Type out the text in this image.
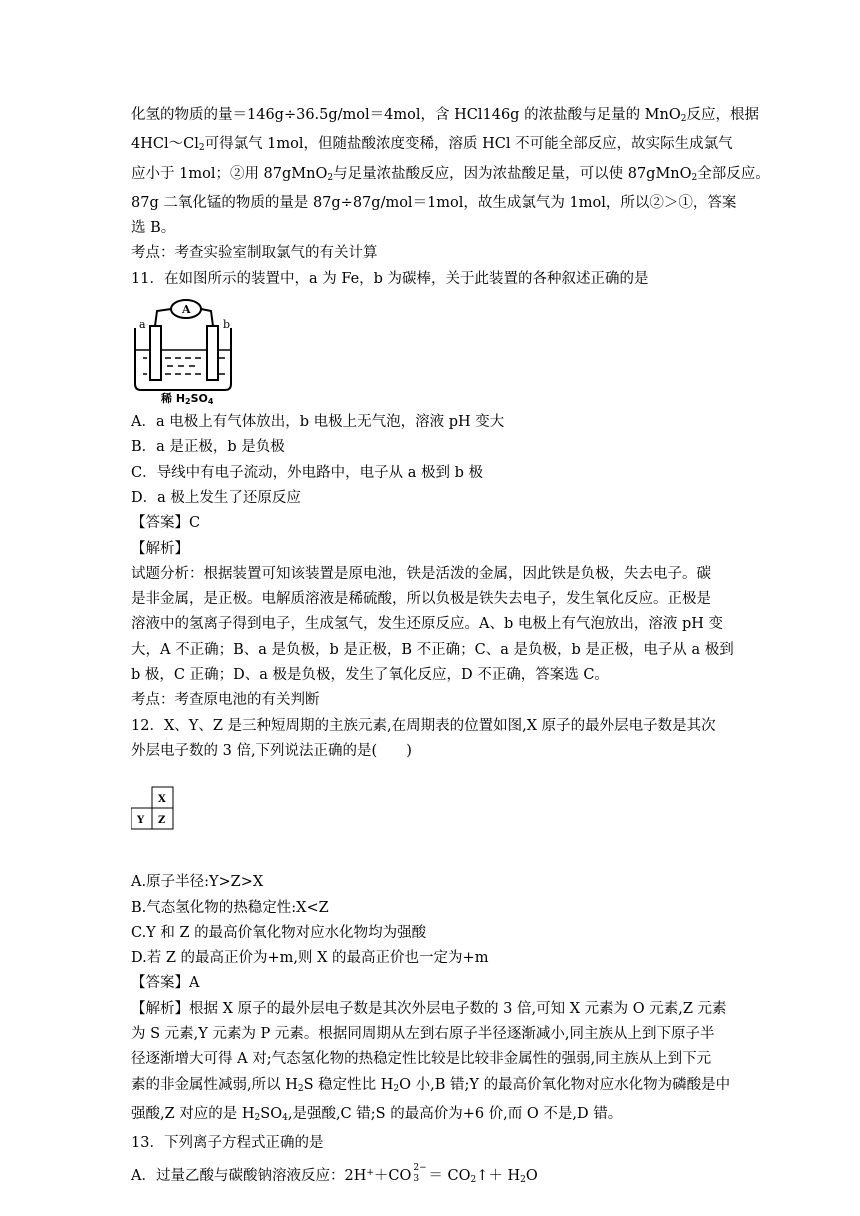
化氢的物质的量＝146g÷36.5g/mol＝4mol，含 HCl146g 的浓盐酸与足量的 MnO$_2$反应，根据
$4HCl\sim Cl_2$可得氯气 1mol，但随盐酸浓度变稀，溶质 HCl 不可能全部反应，故实际生成氯气
应小于 1mol；②用 87gMnO$_2$与足量浓盐酸反应，因为浓盐酸足量，可以使 87gMnO$_2$全部反应。
87g 二氧化锰的物质的量是 87g÷87g/mol＝1mol，故生成氯气为 1mol，所以②＞①，答案
选 B。
考点：考查实验室制取氯气的有关计算
11．在如图所示的装置中，a 为 Fe，b 为碳棒，关于此装置的各种叙述正确的是
A
a	b
稀 H2SO4
A．a 电极上有气体放出，b 电极上无气泡，溶液 pH 变大
B．a 是正极，b 是负极
C．导线中有电子流动，外电路中，电子从 a 极到 b 极
D．a 极上发生了还原反应
【答案】C
【解析】
试题分析：根据装置可知该装置是原电池，铁是活泼的金属，因此铁是负极，失去电子。碳
是非金属，是正极。电解质溶液是稀硫酸，所以负极是铁失去电子，发生氧化反应。正极是
溶液中的氢离子得到电子，生成氢气，发生还原反应。A、b 电极上有气泡放出，溶液 pH 变
大，A 不正确；B、a 是负极，b 是正极，B 不正确；C、a 是负极，b 是正极，电子从 a 极到
b 极，C 正确；D、a 极是负极，发生了氧化反应，D 不正确，答案选 C。
考点：考查原电池的有关判断
12．X、Y、Z 是三种短周期的主族元素,在周期表的位置如图,X 原子的最外层电子数是其次
外层电子数的 3 倍,下列说法正确的是(　　)
X
Y Z
A.原子半径:Y>Z>X
B.气态氢化物的热稳定性:X<Z
C.Y 和 Z 的最高价氧化物对应水化物均为强酸
D.若 Z 的最高正价为+m,则 X 的最高正价也一定为+m
【答案】A
【解析】根据 X 原子的最外层电子数是其次外层电子数的 3 倍,可知 X 元素为 O 元素,Z 元素
为 S 元素,Y 元素为 P 元素。根据同周期从左到右原子半径逐渐减小,同主族从上到下原子半
径逐渐增大可得 A 对;气态氢化物的热稳定性比较是比较非金属性的强弱,同主族从上到下元
素的非金属性减弱,所以 $H_2S$ 稳定性比 $H_2O$ 小,B 错;Y 的最高价氧化物对应水化物为磷酸是中
强酸,Z 对应的是 $H_2SO_4$,是强酸,C 错;S 的最高价为+6 价,而 O 不是,D 错。
13．下列离子方程式正确的是
A．过量乙酸与碳酸钠溶液反应：2H+＋CO 2−
$3 = CO_2↑+ H_2O$
